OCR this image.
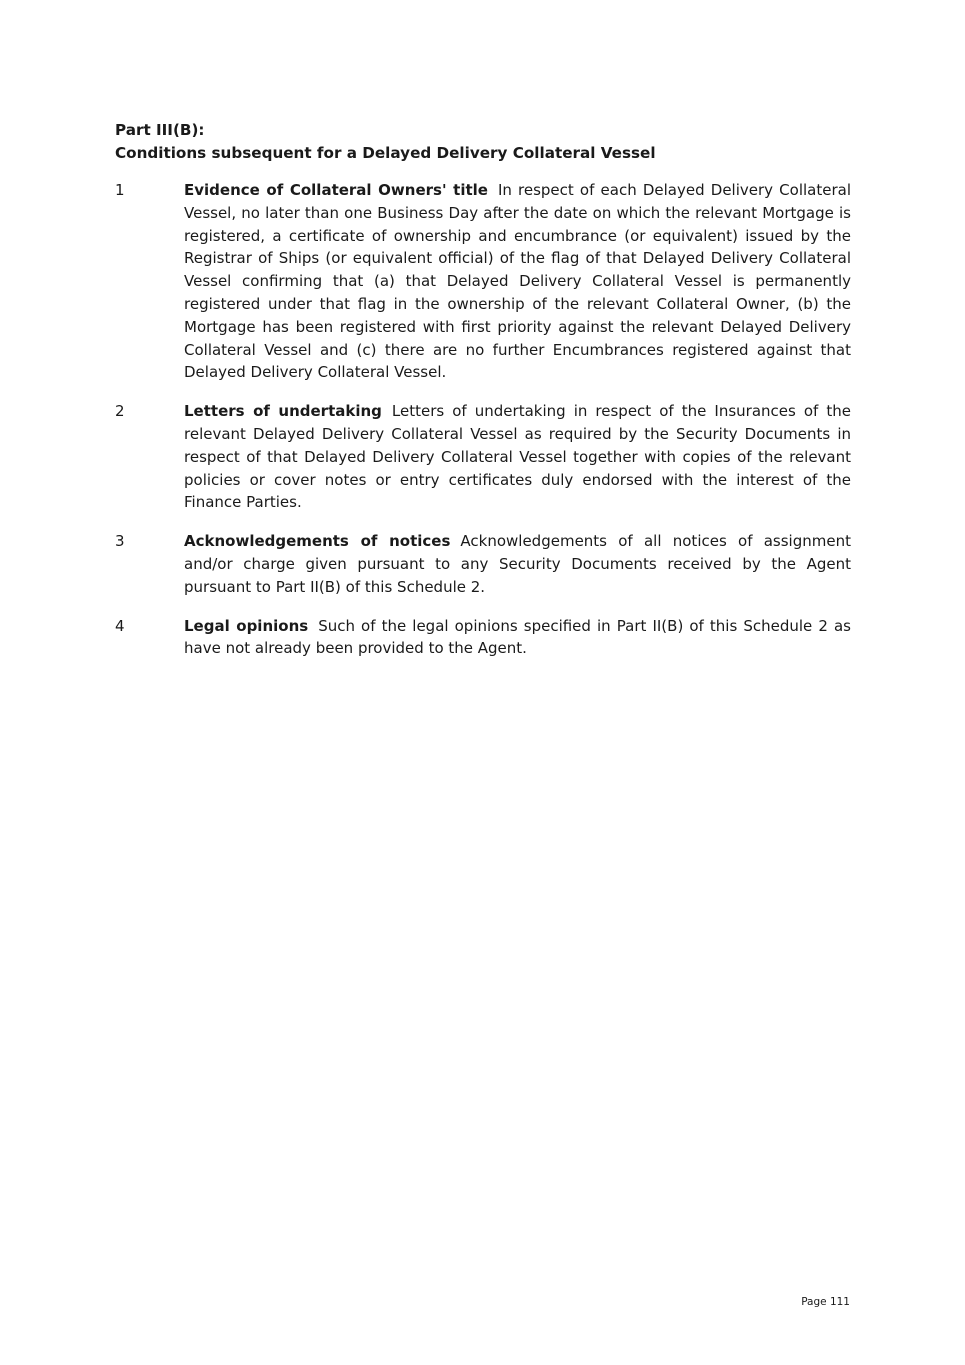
Part III(B):
Conditions subsequent for a Delayed Delivery Collateral Vessel
1	Evidence of Collateral Owners' title In respect of each Delayed Delivery Collateral Vessel, no later than one Business Day after the date on which the relevant Mortgage is registered, a certificate of ownership and encumbrance (or equivalent) issued by the Registrar of Ships (or equivalent official) of the flag of that Delayed Delivery Collateral Vessel confirming that (a) that Delayed Delivery Collateral Vessel is permanently registered under that flag in the ownership of the relevant Collateral Owner, (b) the Mortgage has been registered with first priority against the relevant Delayed Delivery Collateral Vessel and (c) there are no further Encumbrances registered against that Delayed Delivery Collateral Vessel.
2	Letters of undertaking Letters of undertaking in respect of the Insurances of the relevant Delayed Delivery Collateral Vessel as required by the Security Documents in respect of that Delayed Delivery Collateral Vessel together with copies of the relevant policies or cover notes or entry certificates duly endorsed with the interest of the Finance Parties.
3	Acknowledgements of notices Acknowledgements of all notices of assignment and/or charge given pursuant to any Security Documents received by the Agent pursuant to Part II(B) of this Schedule 2.
4	Legal opinions Such of the legal opinions specified in Part II(B) of this Schedule 2 as have not already been provided to the Agent.
Page 111
